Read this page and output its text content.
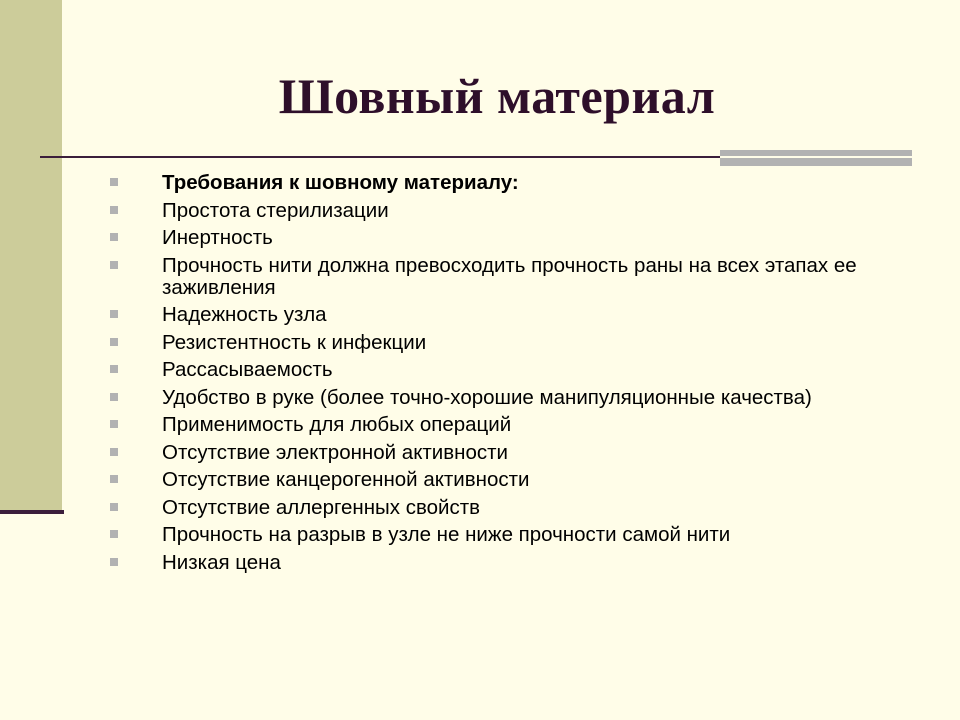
Шовный материал
Требования к шовному материалу:
Простота стерилизации
Инертность
Прочность нити должна превосходить прочность раны на всех этапах ее заживления
Надежность узла
Резистентность к инфекции
Рассасываемость
Удобство в руке (более точно-хорошие манипуляционные качества)
Применимость для любых операций
Отсутствие электронной активности
Отсутствие канцерогенной активности
Отсутствие аллергенных свойств
Прочность на разрыв в узле не ниже прочности самой нити
Низкая цена
